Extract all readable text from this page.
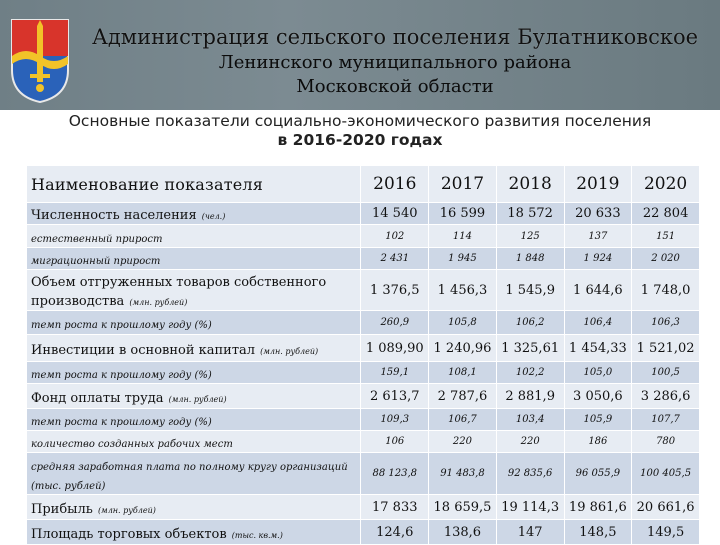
Администрация сельского поселения Булатниковское
Ленинского муниципального района
Московской области
Основные показатели социально-экономического развития поселения
в 2016-2020 годах
Наименование показателя	2016	2017	2018	2019	2020
Численность населения (чел.)	14 540	16 599	18 572	20 633	22 804
естественный прирост	102	114	125	137	151
миграционный прирост	2 431	1 945	1 848	1 924	2 020
Объем отгруженных товаров собственного производства (млн. рублей)	1 376,5	1 456,3	1 545,9	1 644,6	1 748,0
темп роста к прошлому году (%)	260,9	105,8	106,2	106,4	106,3
Инвестиции в основной капитал (млн. рублей)	1 089,90	1 240,96	1 325,61	1 454,33	1 521,02
темп роста к прошлому году (%)	159,1	108,1	102,2	105,0	100,5
Фонд оплаты труда (млн. рублей)	2 613,7	2 787,6	2 881,9	3 050,6	3 286,6
темп роста к прошлому году (%)	109,3	106,7	103,4	105,9	107,7
количество созданных рабочих мест	106	220	220	186	780
средняя заработная плата по полному кругу организаций (тыс. рублей)	88 123,8	91 483,8	92 835,6	96 055,9	100 405,5
Прибыль (млн. рублей)	17 833	18 659,5	19 114,3	19 861,6	20 661,6
Площадь торговых объектов (тыс. кв.м.)	124,6	138,6	147	148,5	149,5
